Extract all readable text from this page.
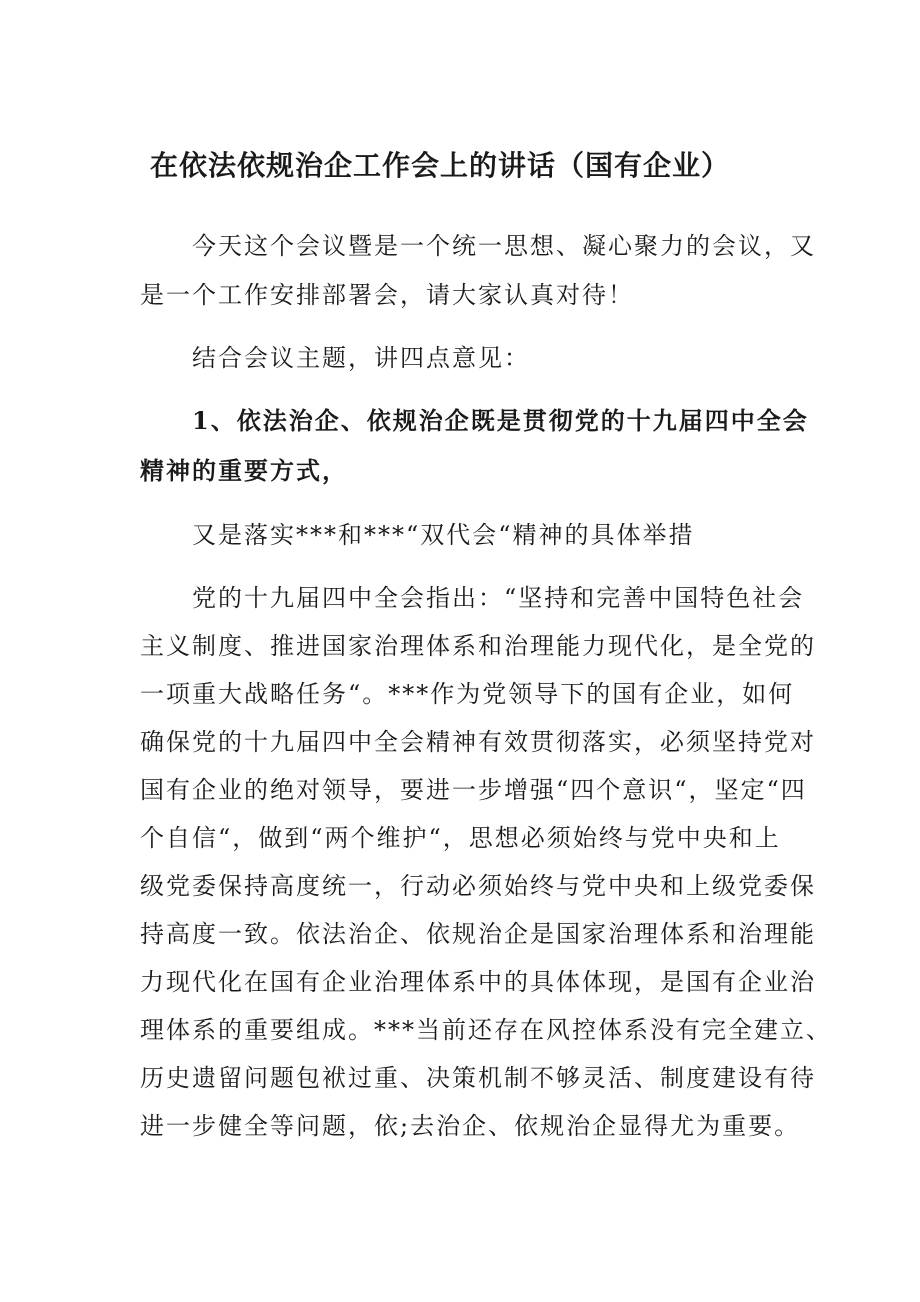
在依法依规治企工作会上的讲话（国有企业）
今天这个会议暨是一个统一思想、凝心聚力的会议，又
是一个工作安排部署会，请大家认真对待！
结合会议主题，讲四点意见：
1、依法治企、依规治企既是贯彻党的十九届四中全会
精神的重要方式，
又是落实***和***“双代会“精神的具体举措
党的十九届四中全会指出：“坚持和完善中国特色社会
主义制度、推进国家治理体系和治理能力现代化，是全党的
一项重大战略任务“。***作为党领导下的国有企业，如何
确保党的十九届四中全会精神有效贯彻落实，必须坚持党对
国有企业的绝对领导，要进一步增强“四个意识“，坚定“四
个自信“，做到“两个维护“，思想必须始终与党中央和上
级党委保持高度统一，行动必须始终与党中央和上级党委保
持高度一致。依法治企、依规治企是国家治理体系和治理能
力现代化在国有企业治理体系中的具体体现，是国有企业治
理体系的重要组成。***当前还存在风控体系没有完全建立、
历史遗留问题包袱过重、决策机制不够灵活、制度建设有待
进一步健全等问题，依;去治企、依规治企显得尤为重要。
